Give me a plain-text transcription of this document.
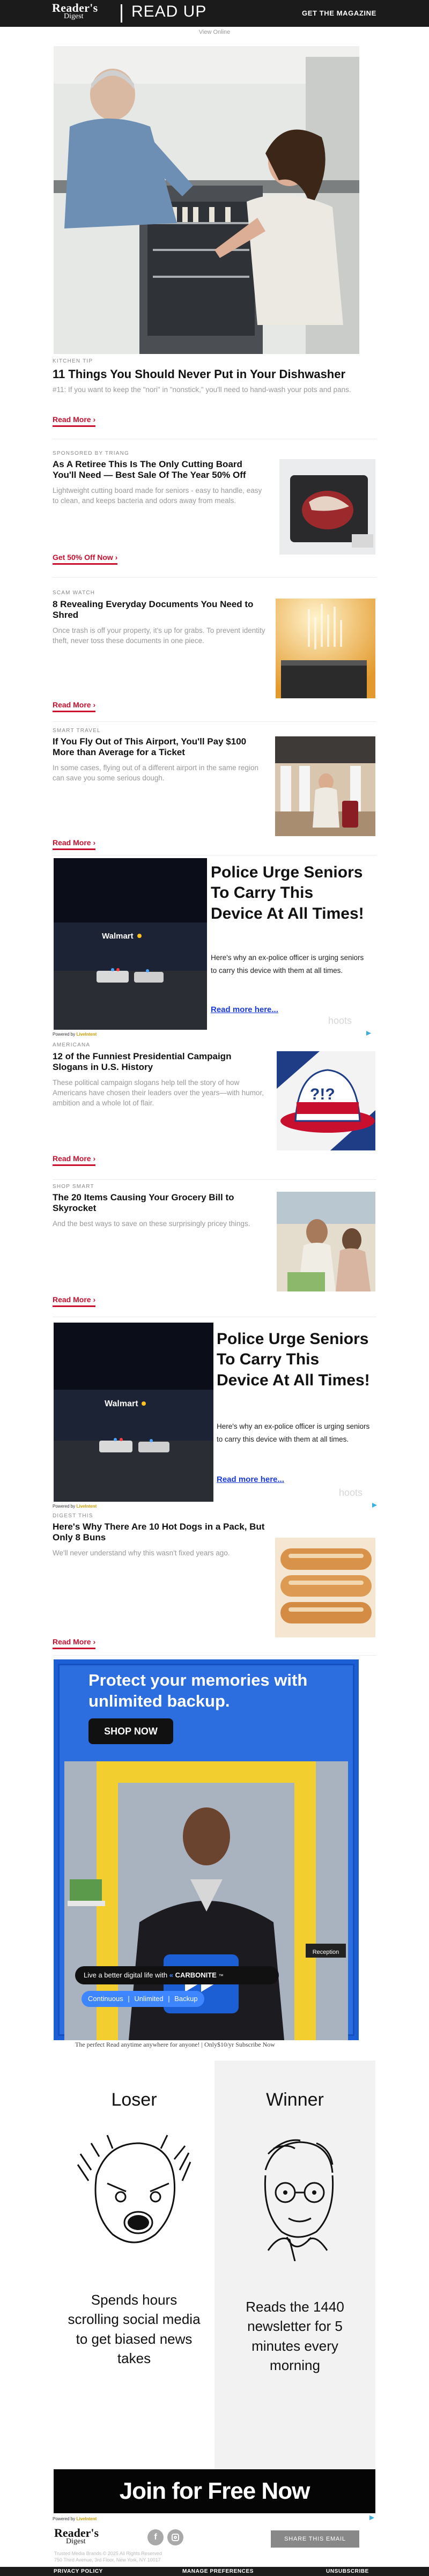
Reader's
Digest	READ UP	GET THE MAGAZINE
View Online
KITCHEN TIP
11 Things You Should Never Put in Your Dishwasher
#11: If you want to keep the "nori" in "nonstick," you'll need to hand-wash your pots and pans.
Read More ›
SPONSORED BY TRIANG
As A Retiree This Is The Only Cutting Board You'll Need — Best Sale Of The Year 50% Off
Lightweight cutting board made for seniors - easy to handle, easy to clean, and keeps bacteria and odors away from meals.
Get 50% Off Now ›
SCAM WATCH
8 Revealing Everyday Documents You Need to Shred
Once trash is off your property, it's up for grabs. To prevent identity theft, never toss these documents in one piece.
Read More ›
SMART TRAVEL
If You Fly Out of This Airport, You'll Pay $100 More than Average for a Ticket
In some cases, flying out of a different airport in the same region can save you some serious dough.
Read More ›
Walmart
Police Urge Seniors To Carry This Device At All Times!
Here's why an ex-police officer is urging seniors to carry this device with them at all times.
Read more here...
hoots
Powered by LiveIntent
AMERICANA
12 of the Funniest Presidential Campaign Slogans in U.S. History
These political campaign slogans help tell the story of how Americans have chosen their leaders over the years—with humor, ambition and a whole lot of flair.	?!?
Read More ›
SHOP SMART
The 20 Items Causing Your Grocery Bill to Skyrocket
And the best ways to save on these surprisingly pricey things.
Read More ›
Walmart
Police Urge Seniors To Carry This Device At All Times!
Here's why an ex-police officer is urging seniors to carry this device with them at all times.
Read more here...
hoots
Powered by LiveIntent
DIGEST THIS
Here's Why There Are 10 Hot Dogs in a Pack, But Only 8 Buns
We'll never understand why this wasn't fixed years ago.
Read More ›
Protect your memories with unlimited backup.
SHOP NOW
Reception
Live a better digital life with « CARBONITE ™
Continuous | Unlimited | Backup
The perfect Read anytime anywhere for anyone! | Only$10/yr Subscribe Now
Loser	Winner
Spends hours scrolling social media to get biased news takes
Reads the 1440 newsletter for 5 minutes every morning
Join for Free Now
Powered by LiveIntent
Reader's
Digest	f	SHARE THIS EMAIL
Trusted Media Brands © 2025 All Rights Reserved
750 Third Avenue, 3rd Floor, New York, NY 10017
PRIVACY POLICY	MANAGE PREFERENCES	UNSUBSCRIBE
